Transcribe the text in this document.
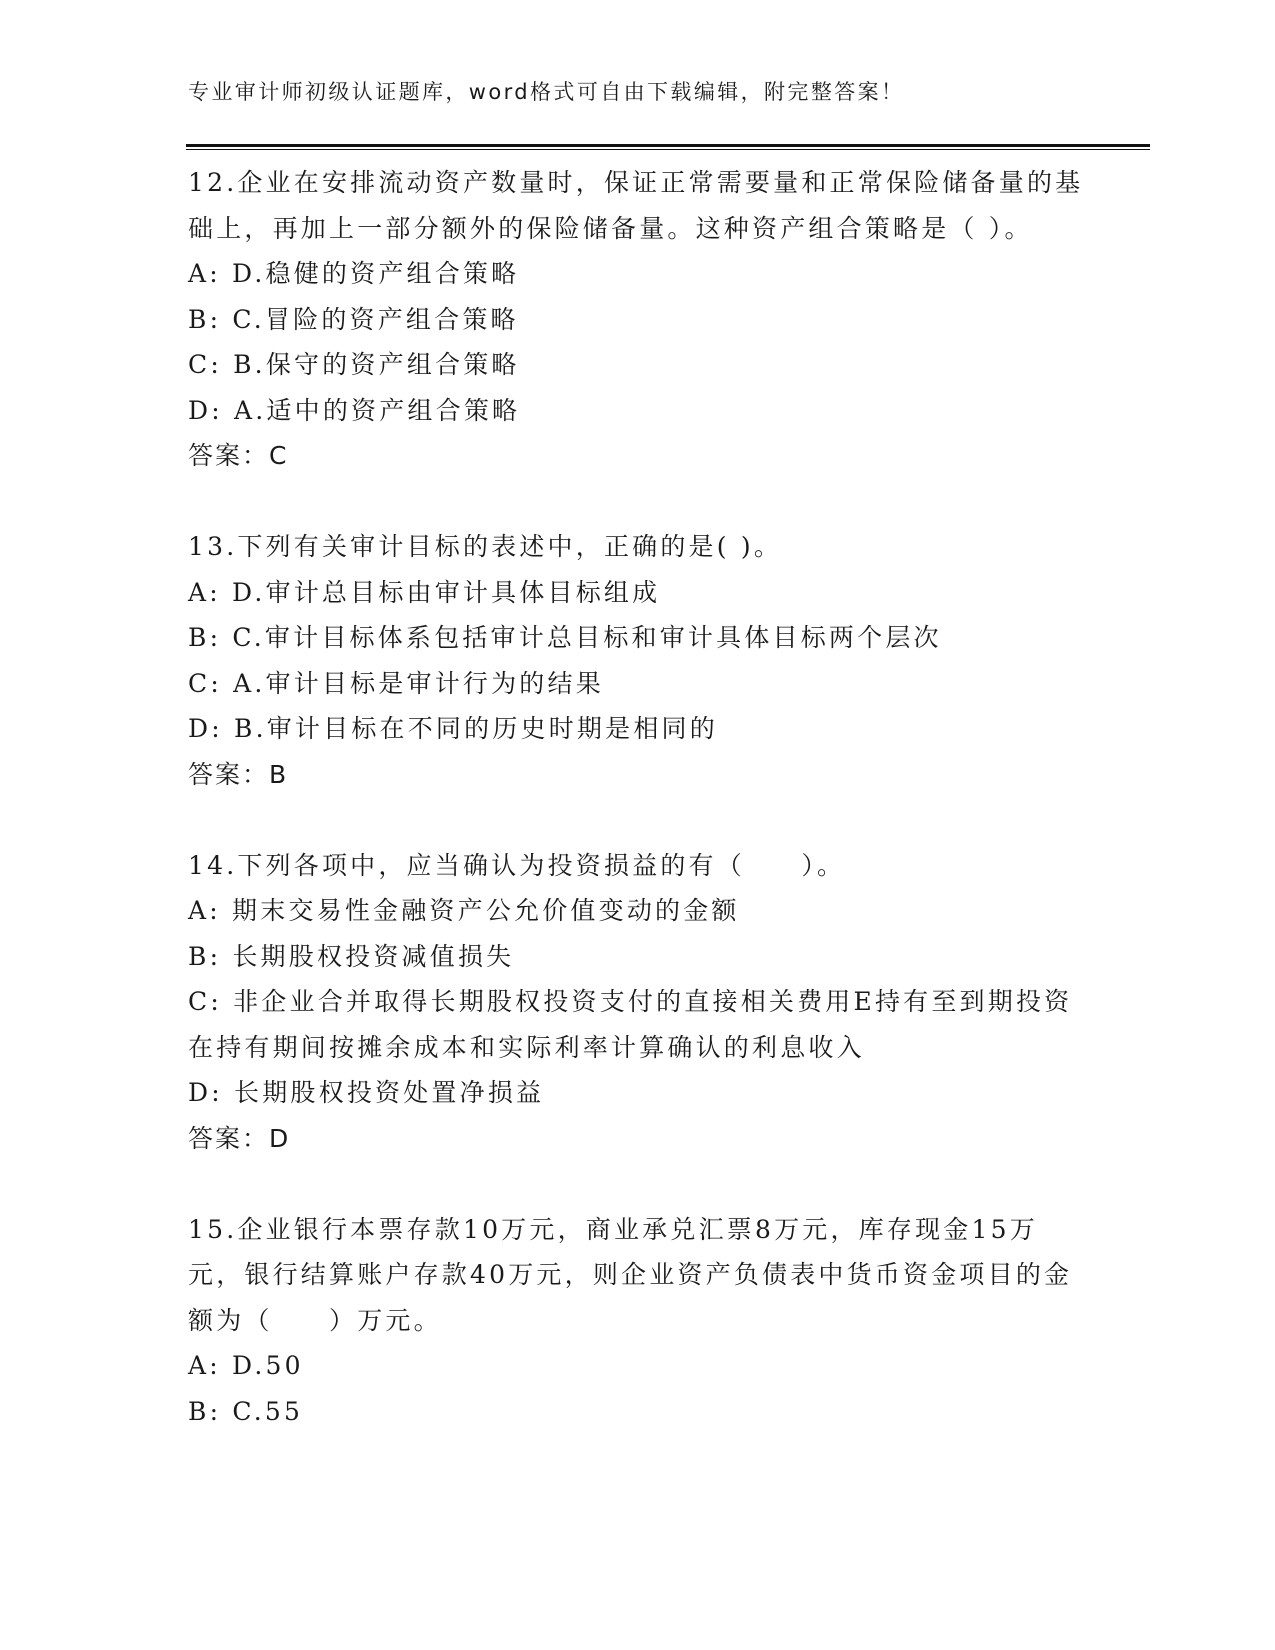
专业审计师初级认证题库，word格式可自由下载编辑，附完整答案！

12.企业在安排流动资产数量时，保证正常需要量和正常保险储备量的基础上，再加上一部分额外的保险储备量。这种资产组合策略是（ ）。

A: D.稳健的资产组合策略

B: C.冒险的资产组合策略

C: B.保守的资产组合策略

D: A.适中的资产组合策略

答案：C

13.下列有关审计目标的表述中，正确的是( )。

A: D.审计总目标由审计具体目标组成

B: C.审计目标体系包括审计总目标和审计具体目标两个层次

C: A.审计目标是审计行为的结果

D: B.审计目标在不同的历史时期是相同的

答案：B

14.下列各项中，应当确认为投资损益的有（　　）。

A: 期末交易性金融资产公允价值变动的金额

B: 长期股权投资减值损失

C: 非企业合并取得长期股权投资支付的直接相关费用E持有至到期投资在持有期间按摊余成本和实际利率计算确认的利息收入

D: 长期股权投资处置净损益

答案：D

15.企业银行本票存款10万元，商业承兑汇票8万元，库存现金15万元，银行结算账户存款40万元，则企业资产负债表中货币资金项目的金额为（　　）万元。

A: D.50

B: C.55
